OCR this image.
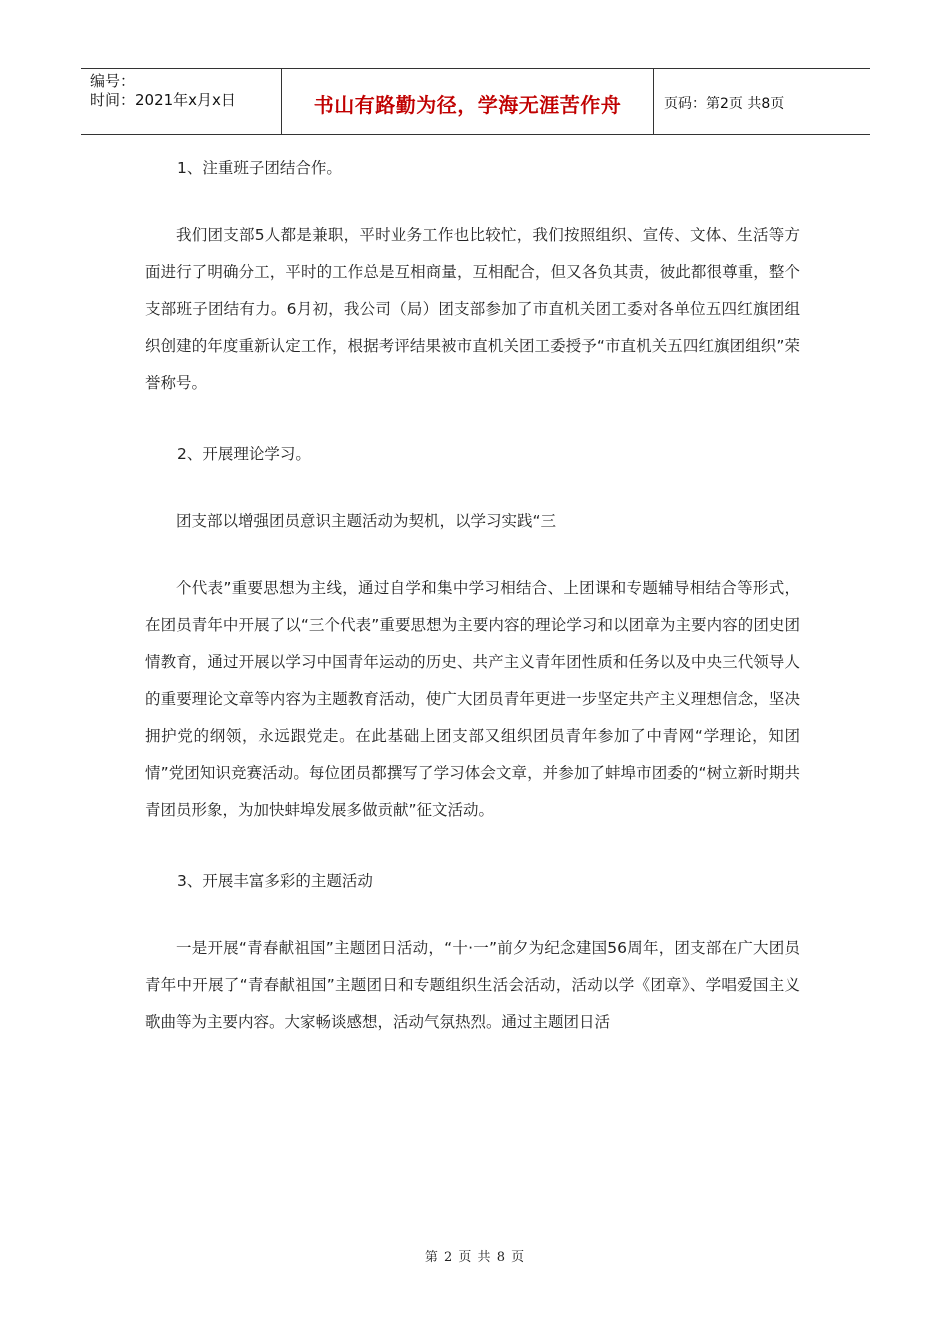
编号：
时间：2021年x月x日	书山有路勤为径，学海无涯苦作舟	页码：第2页 共8页
1、注重班子团结合作。

我们团支部5人都是兼职，平时业务工作也比较忙，我们按照组织、宣传、文体、生活等方面进行了明确分工，平时的工作总是互相商量，互相配合，但又各负其责，彼此都很尊重，整个支部班子团结有力。6月初，我公司（局）团支部参加了市直机关团工委对各单位五四红旗团组织创建的年度重新认定工作，根据考评结果被市直机关团工委授予“市直机关五四红旗团组织”荣誉称号。

2、开展理论学习。

团支部以增强团员意识主题活动为契机，以学习实践“三

个代表”重要思想为主线，通过自学和集中学习相结合、上团课和专题辅导相结合等形式，在团员青年中开展了以“三个代表”重要思想为主要内容的理论学习和以团章为主要内容的团史团情教育，通过开展以学习中国青年运动的历史、共产主义青年团性质和任务以及中央三代领导人的重要理论文章等内容为主题教育活动，使广大团员青年更进一步坚定共产主义理想信念，坚决拥护党的纲领，永远跟党走。在此基础上团支部又组织团员青年参加了中青网“学理论，知团情”党团知识竞赛活动。每位团员都撰写了学习体会文章，并参加了蚌埠市团委的“树立新时期共青团员形象，为加快蚌埠发展多做贡献”征文活动。

3、开展丰富多彩的主题活动

一是开展“青春献祖国”主题团日活动，“十·一”前夕为纪念建国56周年，团支部在广大团员青年中开展了“青春献祖国”主题团日和专题组织生活会活动，活动以学《团章》、学唱爱国主义歌曲等为主要内容。大家畅谈感想，活动气氛热烈。通过主题团日活

第 2 页 共 8 页
